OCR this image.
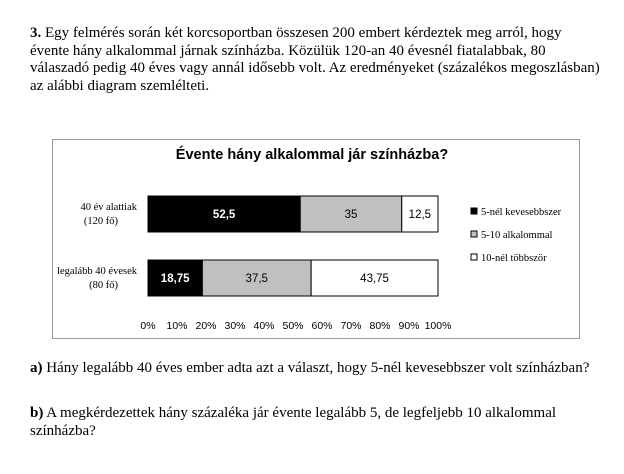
3. Egy felmérés során két korcsoportban összesen 200 embert kérdeztek meg arról, hogy évente hány alkalommal járnak színházba. Közülük 120-an 40 évesnél fiatalabbak, 80 válaszadó pedig 40 éves vagy annál idősebb volt. Az eredményeket (százalékos megoszlásban) az alábbi diagram szemlélteti.
Évente hány alkalommal jár színházba?
52,5	35	12,5
40 év alattiak
(120 fő)
18,75	37,5	43,75
legalább 40 évesek
(80 fő)
0% 10% 20% 30% 40% 50% 60% 70% 80% 90% 100%
5-nél kevesebbszer
5-10 alkalommal
10-nél többször
a) Hány legalább 40 éves ember adta azt a választ, hogy 5-nél kevesebbszer volt színházban?
b) A megkérdezettek hány százaléka jár évente legalább 5, de legfeljebb 10 alkalommal színházba?
